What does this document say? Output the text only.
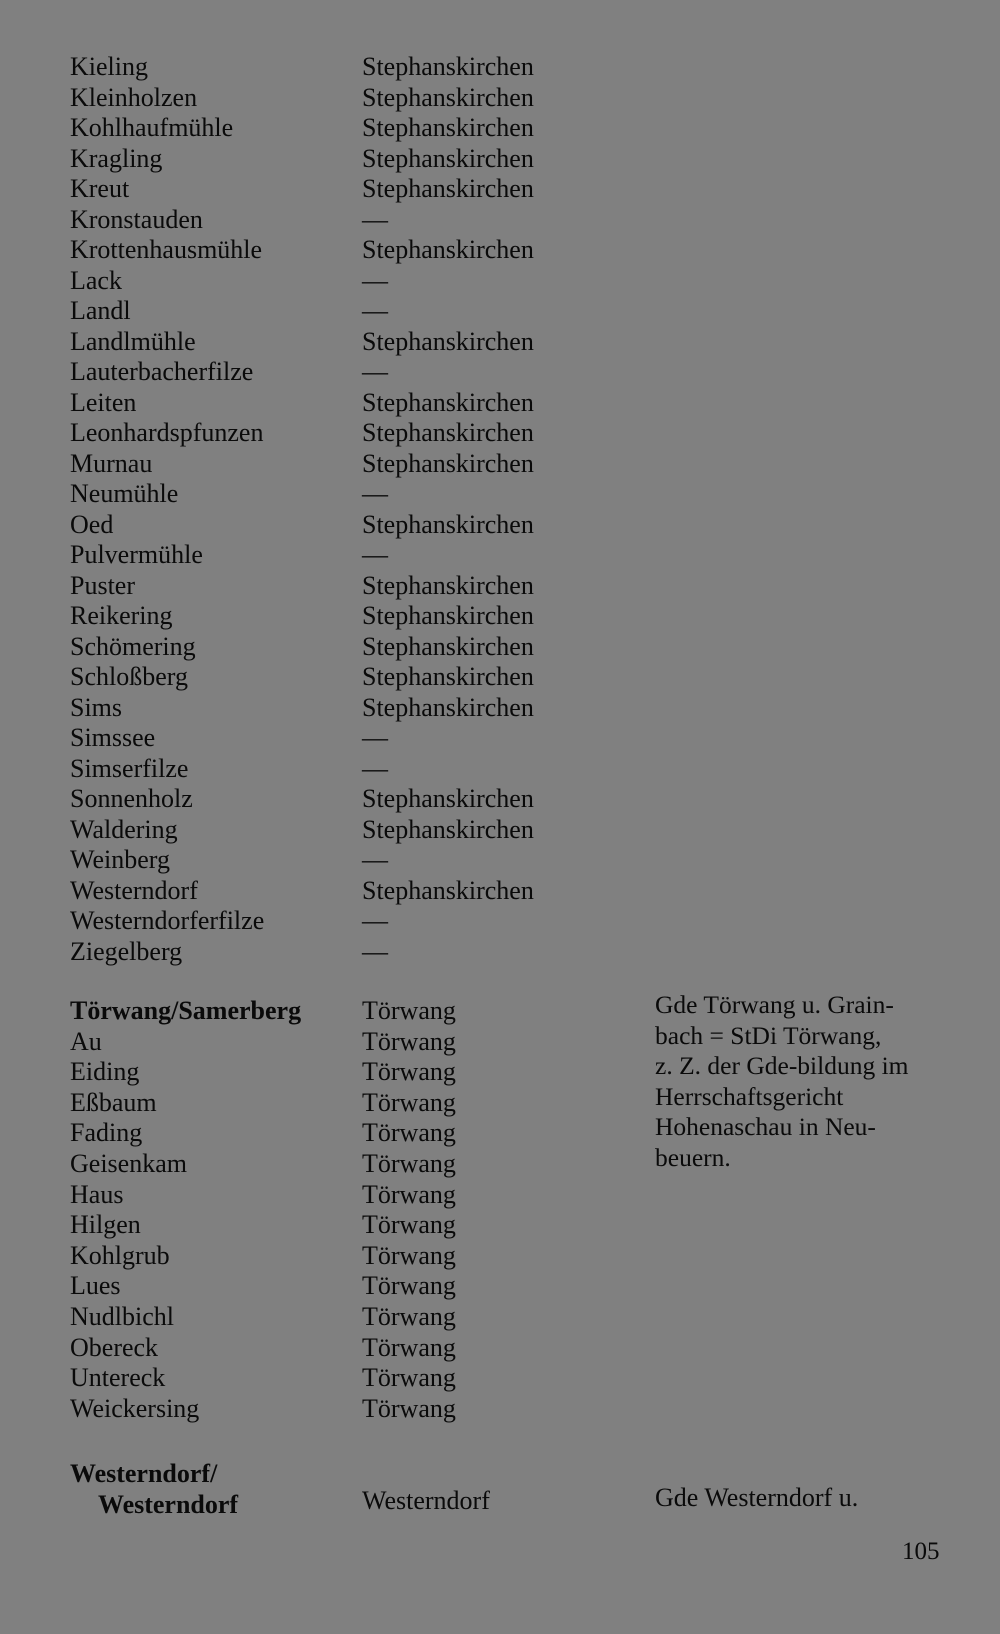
Kieling
Kleinholzen
Kohlhaufmühle
Kragling
Kreut
Kronstauden
Krottenhausmühle
Lack
Landl
Landlmühle
Lauterbacherfilze
Leiten
Leonhardspfunzen
Murnau
Neumühle
Oed
Pulvermühle
Puster
Reikering
Schömering
Schloßberg
Sims
Simssee
Simserfilze
Sonnenholz
Waldering
Weinberg
Westerndorf
Westerndorferfilze
Ziegelberg
Stephanskirchen
Stephanskirchen
Stephanskirchen
Stephanskirchen
Stephanskirchen
—
Stephanskirchen
—
—
Stephanskirchen
—
Stephanskirchen
Stephanskirchen
Stephanskirchen
—
Stephanskirchen
—
Stephanskirchen
Stephanskirchen
Stephanskirchen
Stephanskirchen
Stephanskirchen
—
—
Stephanskirchen
Stephanskirchen
—
Stephanskirchen
—
—
Törwang/Samerberg
Au
Eiding
Eßbaum
Fading
Geisenkam
Haus
Hilgen
Kohlgrub
Lues
Nudlbichl
Obereck
Untereck
Weickersing
Törwang
Törwang
Törwang
Törwang
Törwang
Törwang
Törwang
Törwang
Törwang
Törwang
Törwang
Törwang
Törwang
Törwang
Gde Törwang u. Grain-
bach = StDi Törwang,
z. Z. der Gde-bildung im
Herrschaftsgericht
Hohenaschau in Neu-
beuern.
Westerndorf/
Westerndorf	Westerndorf	Gde Westerndorf u.
105
